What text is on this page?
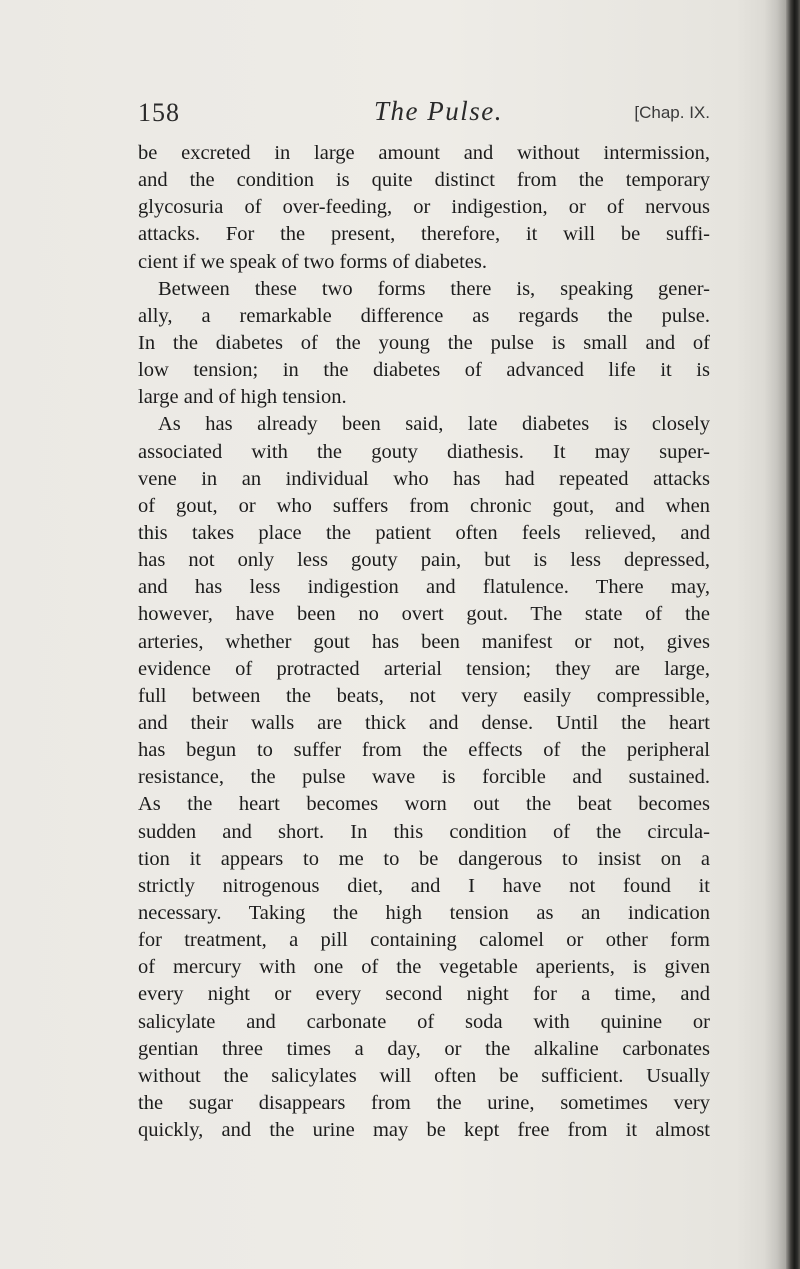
158	The Pulse.	[Chap. IX.
be excreted in large amount and without intermission,
and the condition is quite distinct from the temporary
glycosuria of over-feeding, or indigestion, or of nervous
attacks. For the present, therefore, it will be suffi-
cient if we speak of two forms of diabetes.
Between these two forms there is, speaking gener-
ally, a remarkable difference as regards the pulse.
In the diabetes of the young the pulse is small and of
low tension; in the diabetes of advanced life it is
large and of high tension.
As has already been said, late diabetes is closely
associated with the gouty diathesis. It may super-
vene in an individual who has had repeated attacks
of gout, or who suffers from chronic gout, and when
this takes place the patient often feels relieved, and
has not only less gouty pain, but is less depressed,
and has less indigestion and flatulence. There may,
however, have been no overt gout. The state of the
arteries, whether gout has been manifest or not, gives
evidence of protracted arterial tension; they are large,
full between the beats, not very easily compressible,
and their walls are thick and dense. Until the heart
has begun to suffer from the effects of the peripheral
resistance, the pulse wave is forcible and sustained.
As the heart becomes worn out the beat becomes
sudden and short. In this condition of the circula-
tion it appears to me to be dangerous to insist on a
strictly nitrogenous diet, and I have not found it
necessary. Taking the high tension as an indication
for treatment, a pill containing calomel or other form
of mercury with one of the vegetable aperients, is given
every night or every second night for a time, and
salicylate and carbonate of soda with quinine or
gentian three times a day, or the alkaline carbonates
without the salicylates will often be sufficient. Usually
the sugar disappears from the urine, sometimes very
quickly, and the urine may be kept free from it almost
